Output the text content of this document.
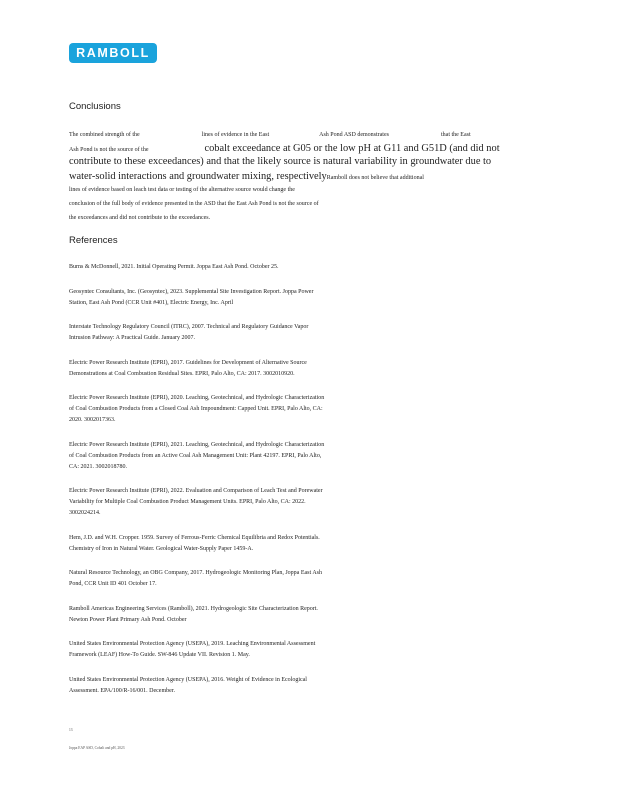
RAMBOLL
Conclusions
The combined strength of the	lines of evidence in the East	Ash Pond ASD demonstrates	that the East
Ash Pond is not the source of the	cobalt exceedance at G05 or the low pH at G11 and G51D (and did not
contribute to these exceedances) and that the likely source is natural variability in groundwater due to
water-solid interactions and groundwater mixing, respectivelyRamboll does not believe that additional
lines of evidence based on leach test data or testing of the alternative source would change the
conclusion of the full body of evidence presented in the ASD that the East Ash Pond is not the source of
the exceedances and did not contribute to the exceedances.
References

Burns & McDonnell, 2021. Initial Operating Permit. Joppa East Ash Pond. October 25.

Geosyntec Consultants, Inc. (Geosyntec), 2023. Supplemental Site Investigation Report. Joppa Power
Station, East Ash Pond (CCR Unit #401), Electric Energy, Inc. April

Interstate Technology Regulatory Council (ITRC), 2007. Technical and Regulatory Guidance Vapor
Intrusion Pathway: A Practical Guide. January 2007.

Electric Power Research Institute (EPRI), 2017. Guidelines for Development of Alternative Source
Demonstrations at Coal Combustion Residual Sites. EPRI, Palo Alto, CA: 2017. 3002010920.

Electric Power Research Institute (EPRI), 2020. Leaching, Geotechnical, and Hydrologic Characterization
of Coal Combustion Products from a Closed Coal Ash Impoundment: Capped Unit. EPRI, Palo Alto, CA:
2020. 3002017363.

Electric Power Research Institute (EPRI), 2021. Leaching, Geotechnical, and Hydrologic Characterization
of Coal Combustion Products from an Active Coal Ash Management Unit: Plant 42197. EPRI, Palo Alto,
CA: 2021. 3002018780.

Electric Power Research Institute (EPRI), 2022. Evaluation and Comparison of Leach Test and Porewater
Variability for Multiple Coal Combustion Product Management Units. EPRI, Palo Alto, CA: 2022.
3002024214.

Hem, J.D. and W.H. Cropper. 1959. Survey of Ferrous-Ferric Chemical Equilibria and Redox Potentials.
Chemistry of Iron in Natural Water. Geological Water-Supply Paper 1459-A.

Natural Resource Technology, an OBG Company, 2017. Hydrogeologic Monitoring Plan, Joppa East Ash
Pond, CCR Unit ID 401 October 17.

Ramboll Americas Engineering Services (Ramboll), 2021. Hydrogeologic Site Characterization Report.
Newton Power Plant Primary Ash Pond. October

United States Environmental Protection Agency (USEPA), 2019. Leaching Environmental Assessment
Framework (LEAF) How-To Guide. SW-846 Update VII. Revision 1. May.

United States Environmental Protection Agency (USEPA), 2016. Weight of Evidence in Ecological
Assessment. EPA/100/R-16/001. December.

13
Joppa EAP ASD, Cobalt and pH, 2023
